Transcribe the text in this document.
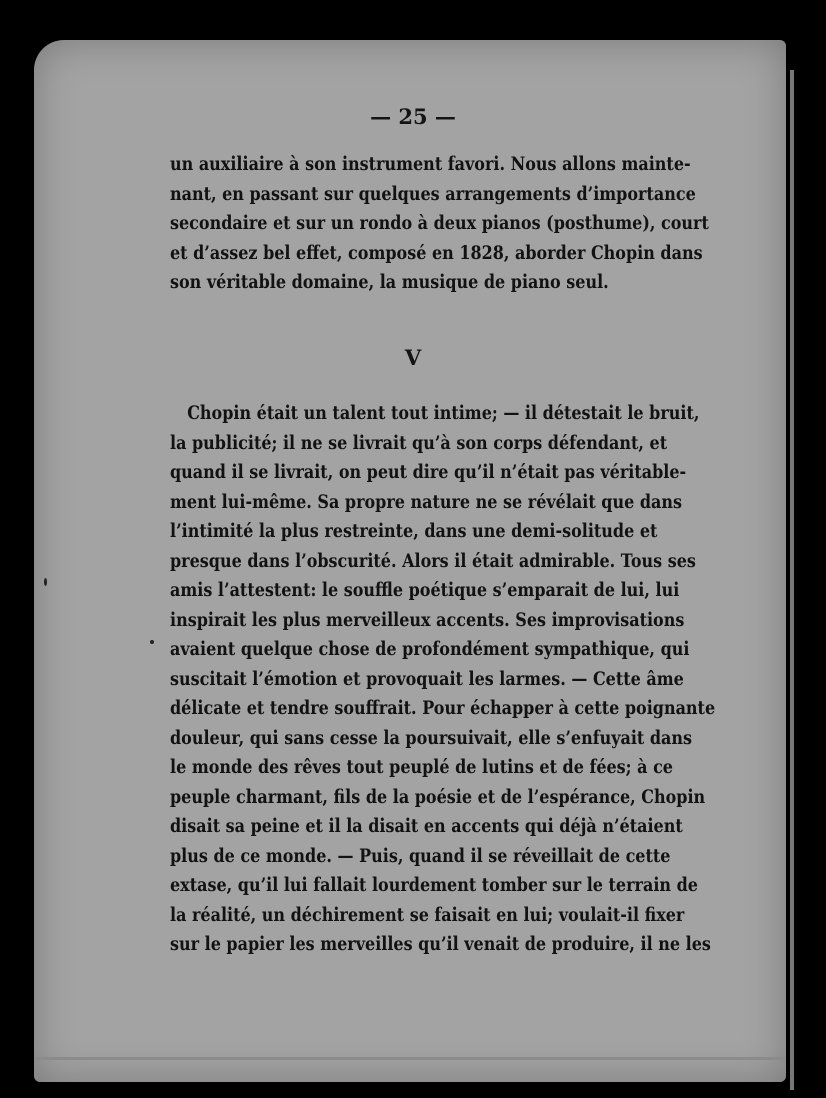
— 25 —
un auxiliaire à son instrument favori. Nous allons mainte-
nant, en passant sur quelques arrangements d’importance
secondaire et sur un rondo à deux pianos (posthume), court
et d’assez bel effet, composé en 1828, aborder Chopin dans
son véritable domaine, la musique de piano seul.
V
Chopin était un talent tout intime; — il détestait le bruit,
la publicité; il ne se livrait qu’à son corps défendant, et
quand il se livrait, on peut dire qu’il n’était pas véritable-
ment lui-même. Sa propre nature ne se révélait que dans
l’intimité la plus restreinte, dans une demi-solitude et
presque dans l’obscurité. Alors il était admirable. Tous ses
amis l’attestent: le souffle poétique s’emparait de lui, lui
inspirait les plus merveilleux accents. Ses improvisations
avaient quelque chose de profondément sympathique, qui
suscitait l’émotion et provoquait les larmes. — Cette âme
délicate et tendre souffrait. Pour échapper à cette poignante
douleur, qui sans cesse la poursuivait, elle s’enfuyait dans
le monde des rêves tout peuplé de lutins et de fées; à ce
peuple charmant, fils de la poésie et de l’espérance, Chopin
disait sa peine et il la disait en accents qui déjà n’étaient
plus de ce monde. — Puis, quand il se réveillait de cette
extase, qu’il lui fallait lourdement tomber sur le terrain de
la réalité, un déchirement se faisait en lui; voulait-il fixer
sur le papier les merveilles qu’il venait de produire, il ne les
